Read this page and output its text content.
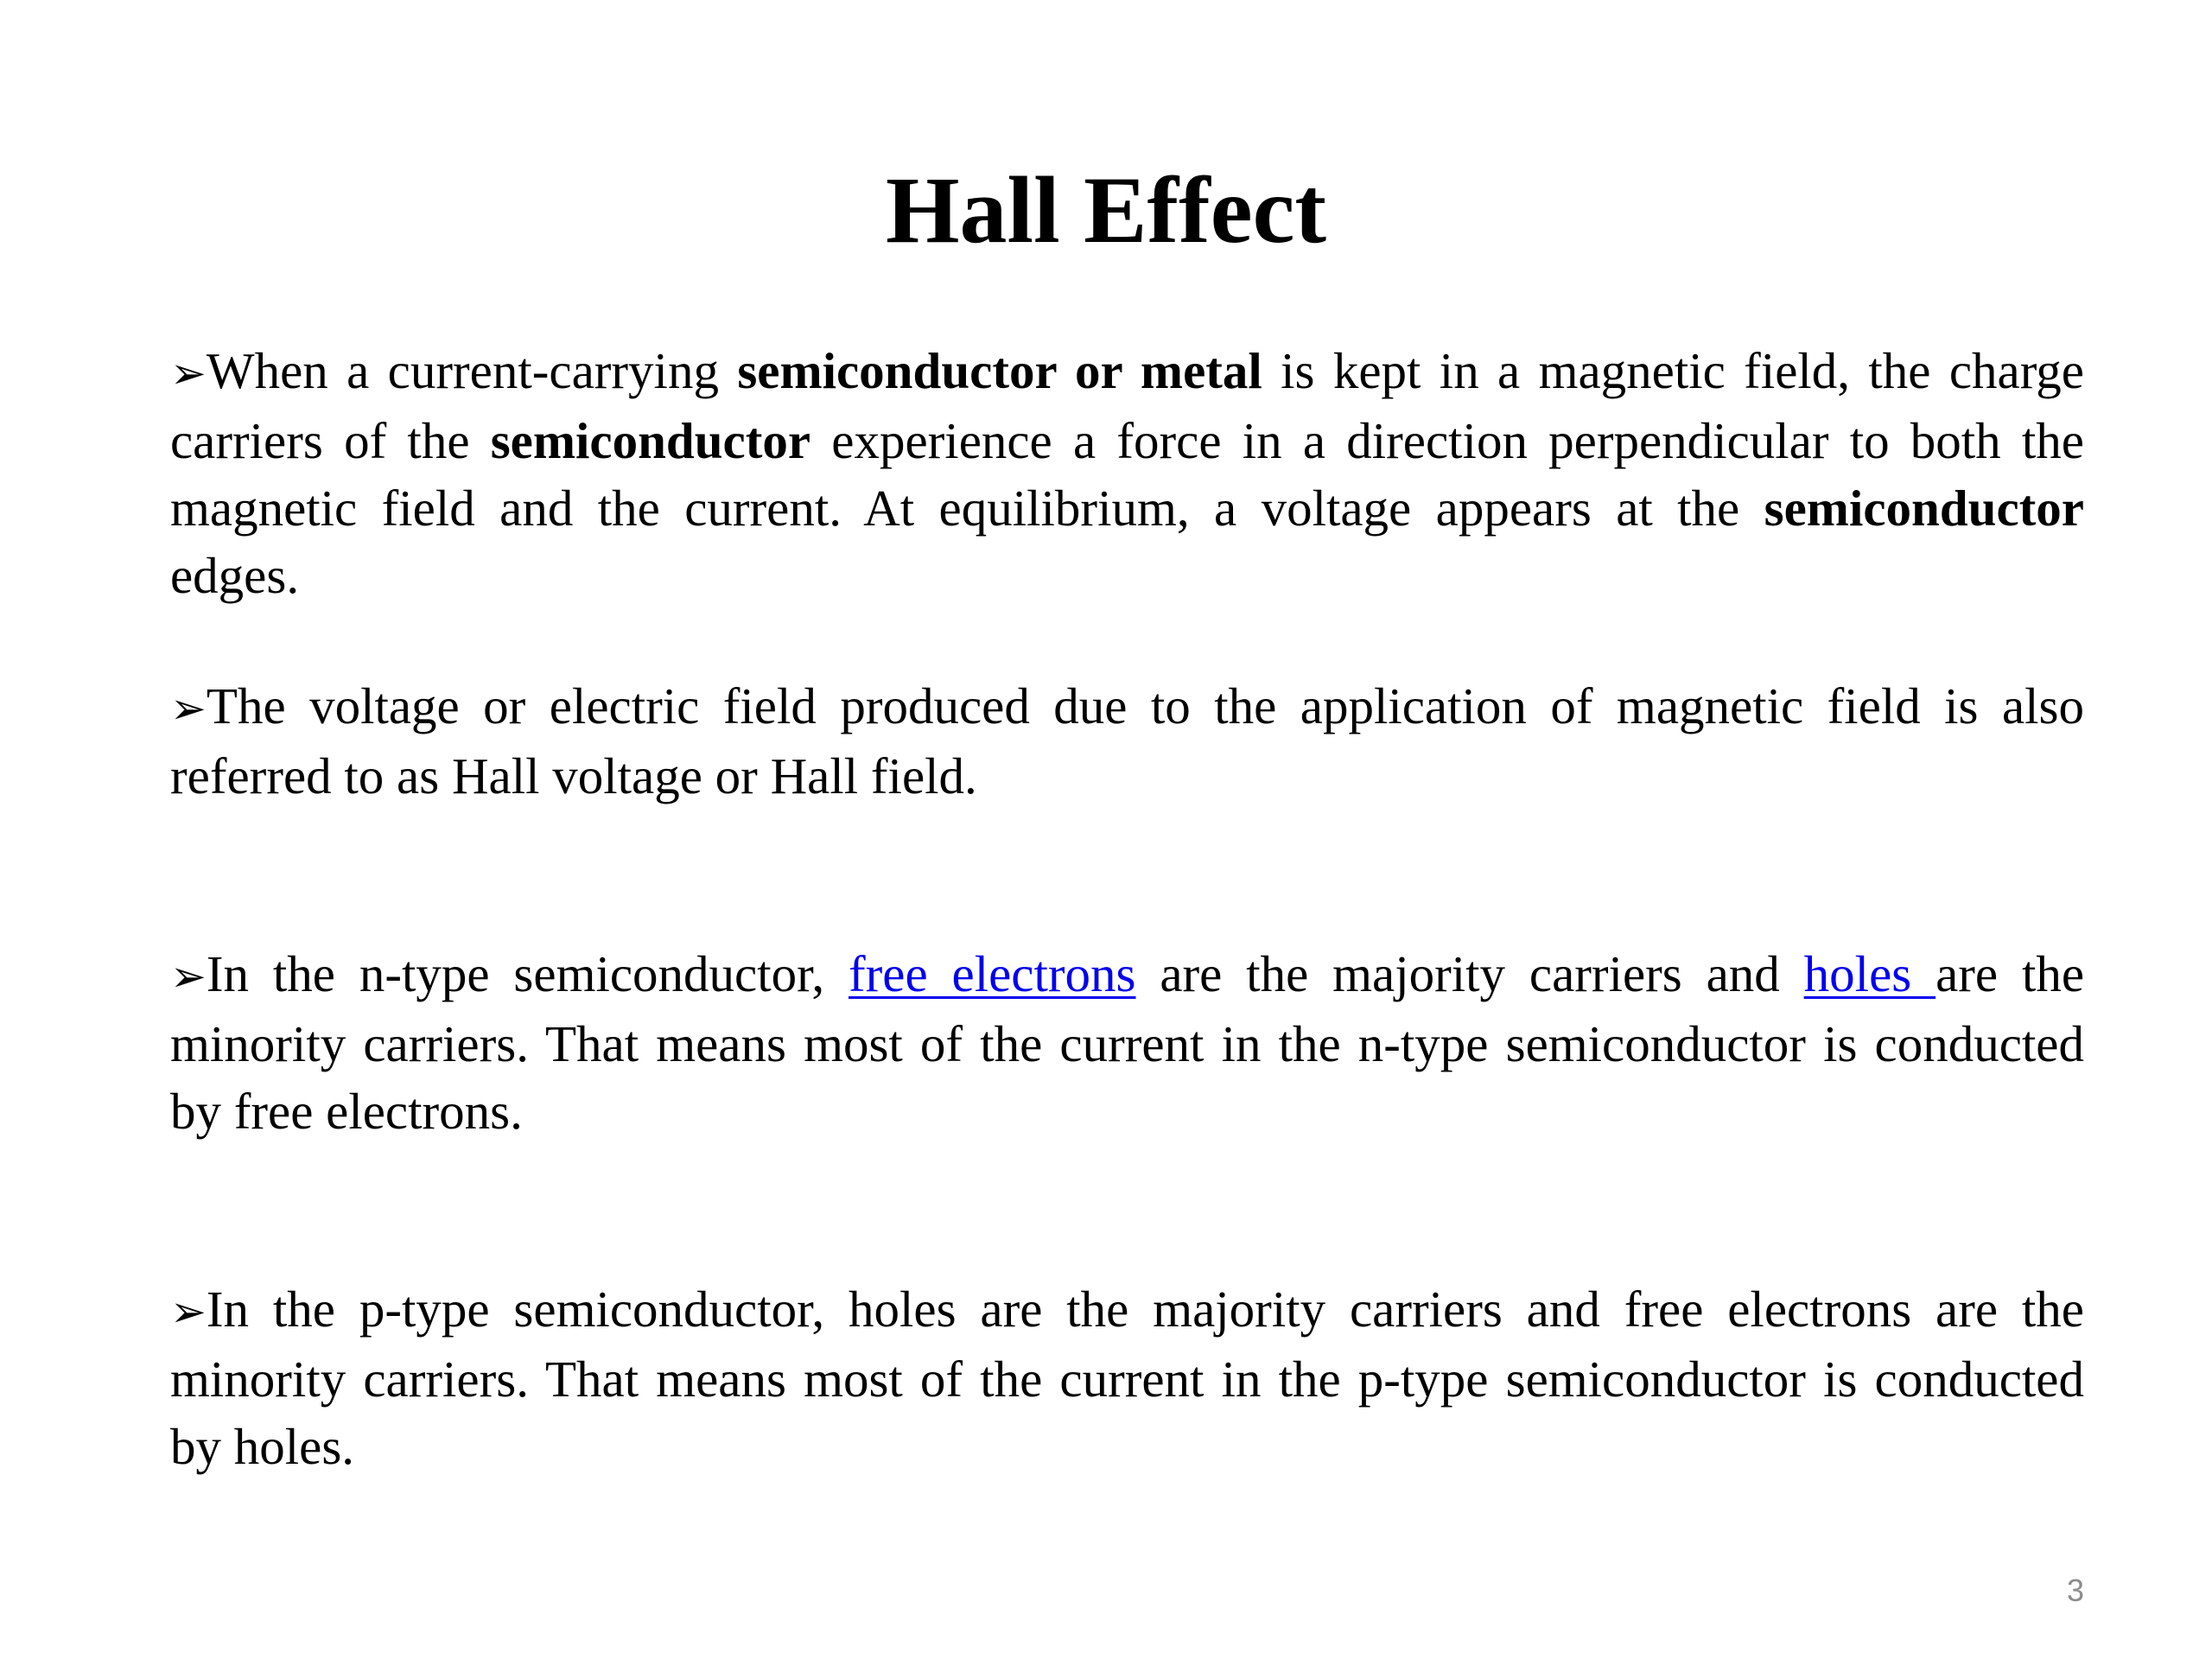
Hall Effect

➢When a current-carrying semiconductor or metal is kept in a magnetic field, the charge carriers of the semiconductor experience a force in a direction perpendicular to both the magnetic field and the current. At equilibrium, a voltage appears at the semiconductor edges.

➢The voltage or electric field produced due to the application of magnetic field is also referred to as Hall voltage or Hall field.

➢In the n-type semiconductor, free electrons are the majority carriers and holes are the minority carriers. That means most of the current in the n-type semiconductor is conducted by free electrons.

➢In the p-type semiconductor, holes are the majority carriers and free electrons are the minority carriers. That means most of the current in the p-type semiconductor is conducted by holes.

3
